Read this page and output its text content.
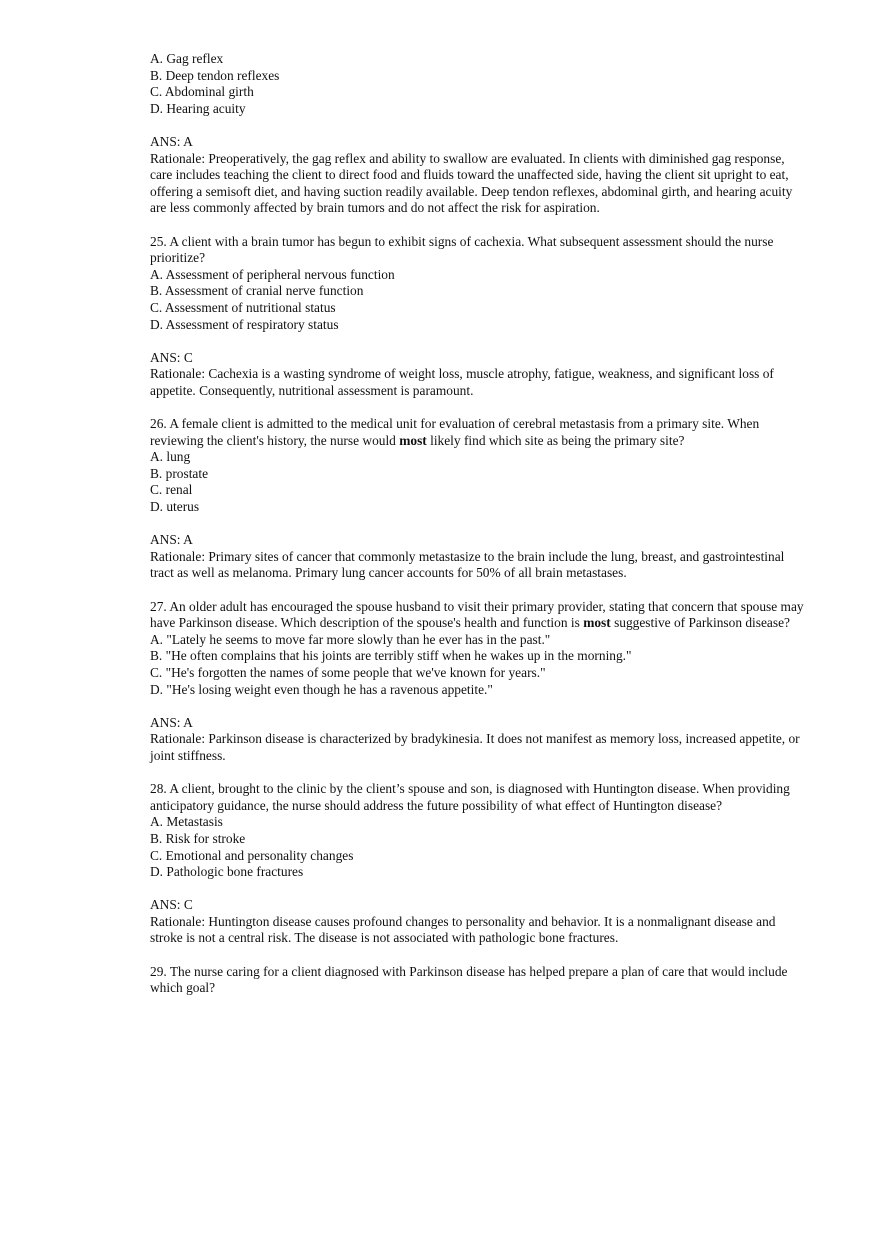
A. Gag reflex
B. Deep tendon reflexes
C. Abdominal girth
D. Hearing acuity
ANS: A
Rationale: Preoperatively, the gag reflex and ability to swallow are evaluated. In clients with diminished gag response, care includes teaching the client to direct food and fluids toward the unaffected side, having the client sit upright to eat, offering a semisoft diet, and having suction readily available. Deep tendon reflexes, abdominal girth, and hearing acuity are less commonly affected by brain tumors and do not affect the risk for aspiration.
25. A client with a brain tumor has begun to exhibit signs of cachexia. What subsequent assessment should the nurse prioritize?
A. Assessment of peripheral nervous function
B. Assessment of cranial nerve function
C. Assessment of nutritional status
D. Assessment of respiratory status
ANS: C
Rationale: Cachexia is a wasting syndrome of weight loss, muscle atrophy, fatigue, weakness, and significant loss of appetite. Consequently, nutritional assessment is paramount.
26. A female client is admitted to the medical unit for evaluation of cerebral metastasis from a primary site. When reviewing the client's history, the nurse would most likely find which site as being the primary site?
A. lung
B. prostate
C. renal
D. uterus
ANS: A
Rationale: Primary sites of cancer that commonly metastasize to the brain include the lung, breast, and gastrointestinal tract as well as melanoma. Primary lung cancer accounts for 50% of all brain metastases.
27. An older adult has encouraged the spouse husband to visit their primary provider, stating that concern that spouse may have Parkinson disease. Which description of the spouse's health and function is most suggestive of Parkinson disease?
A. "Lately he seems to move far more slowly than he ever has in the past."
B. "He often complains that his joints are terribly stiff when he wakes up in the morning."
C. "He's forgotten the names of some people that we've known for years."
D. "He's losing weight even though he has a ravenous appetite."
ANS: A
Rationale: Parkinson disease is characterized by bradykinesia. It does not manifest as memory loss, increased appetite, or joint stiffness.
28. A client, brought to the clinic by the client’s spouse and son, is diagnosed with Huntington disease. When providing anticipatory guidance, the nurse should address the future possibility of what effect of Huntington disease?
A. Metastasis
B. Risk for stroke
C. Emotional and personality changes
D. Pathologic bone fractures
ANS: C
Rationale: Huntington disease causes profound changes to personality and behavior. It is a nonmalignant disease and stroke is not a central risk. The disease is not associated with pathologic bone fractures.
29. The nurse caring for a client diagnosed with Parkinson disease has helped prepare a plan of care that would include which goal?
